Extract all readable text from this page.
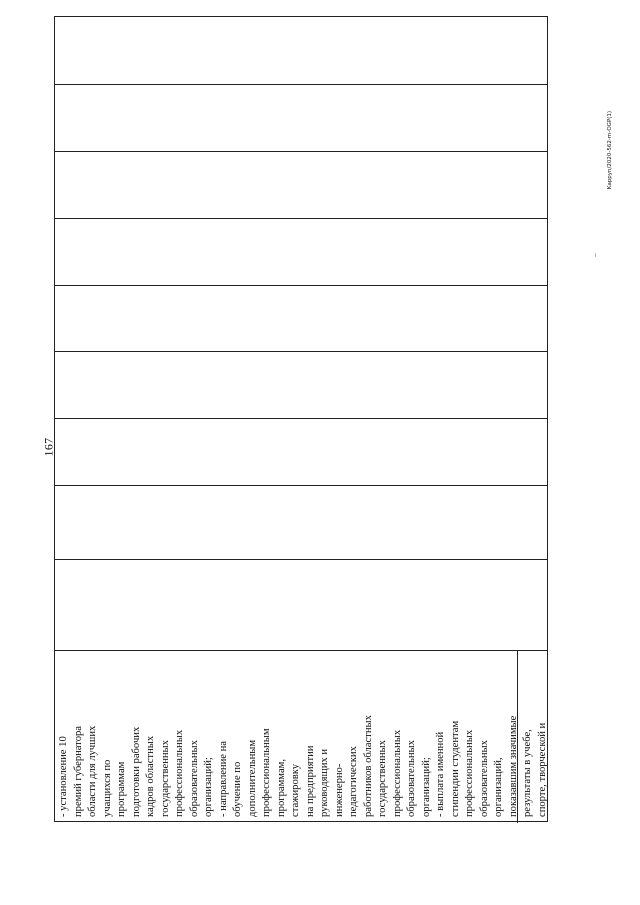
167
Kappyn/2020-562-m-OGP(1)
- установление 10 премий губернатора области для лучших учащихся по программам подготовки рабочих кадров областных государственных профессиональных образовательных организаций; - направление на обучение по дополнительным профессиональным программам, стажировку на предприятии руководящих и инженерно- педагогических работников областных государственных профессиональных образовательных организаций; - выплата именной стипендии студентам профессиональных образовательных организаций, показавшим значимые результаты в учебе, спорте, творческой и
